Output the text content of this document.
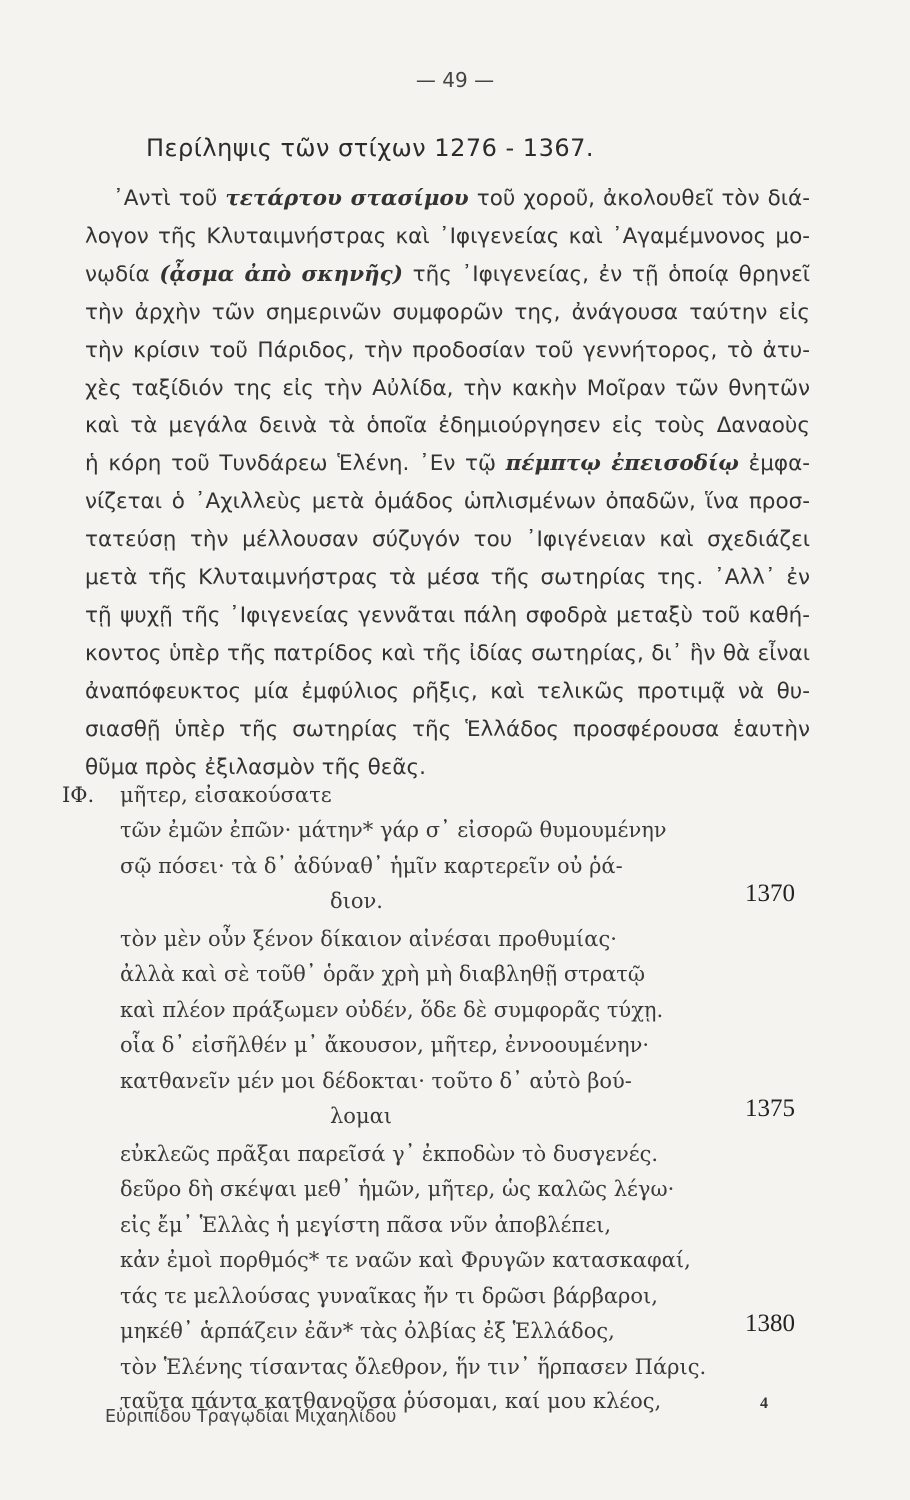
— 49 —
Περίληψις τῶν στίχων 1276 - 1367.
᾿Αντὶ τοῦ τετάρτου στασίμου τοῦ χοροῦ, ἀκολουθεῖ τὸν διά-
λογον τῆς Κλυταιμνήστρας καὶ ᾿Ιφιγενείας καὶ ᾿Αγαμέμνονος μο-
νῳδία (ᾆσμα ἀπὸ σκηνῆς) τῆς ᾿Ιφιγενείας, ἐν τῇ ὁποίᾳ θρηνεῖ
τὴν ἀρχὴν τῶν σημερινῶν συμφορῶν της, ἀνάγουσα ταύτην εἰς
τὴν κρίσιν τοῦ Πάριδος, τὴν προδοσίαν τοῦ γεννήτορος, τὸ ἀτυ-
χὲς ταξίδιόν της εἰς τὴν Αὐλίδα, τὴν κακὴν Μοῖραν τῶν θνητῶν
καὶ τὰ μεγάλα δεινὰ τὰ ὁποῖα ἐδημιούργησεν εἰς τοὺς Δαναοὺς
ἡ κόρη τοῦ Τυνδάρεω Ἑλένη. ᾿Εν τῷ πέμπτῳ ἐπεισοδίῳ ἐμφα-
νίζεται ὁ ᾿Αχιλλεὺς μετὰ ὁμάδος ὡπλισμένων ὀπαδῶν, ἵνα προσ-
τατεύσῃ τὴν μέλλουσαν σύζυγόν του ᾿Ιφιγένειαν καὶ σχεδιάζει
μετὰ τῆς Κλυταιμνήστρας τὰ μέσα τῆς σωτηρίας της. ᾿Αλλ᾿ ἐν
τῇ ψυχῇ τῆς ᾿Ιφιγενείας γεννᾶται πάλη σφοδρὰ μεταξὺ τοῦ καθή-
κοντος ὑπὲρ τῆς πατρίδος καὶ τῆς ἰδίας σωτηρίας, δι᾿ ἣν θὰ εἶναι
ἀναπόφευκτος μία ἐμφύλιος ρῆξις, καὶ τελικῶς προτιμᾷ νὰ θυ-
σιασθῇ ὑπὲρ τῆς σωτηρίας τῆς Ἑλλάδος προσφέρουσα ἑαυτὴν
θῦμα πρὸς ἐξιλασμὸν τῆς θεᾶς.
ΙΦ. μῆτερ, εἰσακούσατε
τῶν ἐμῶν ἐπῶν· μάτην* γάρ σ᾿ εἰσορῶ θυμουμένην
σῷ πόσει· τὰ δ᾿ ἀδύναθ᾿ ἡμῖν καρτερεῖν οὐ ῥά-
διον.	1370
τὸν μὲν οὖν ξένον δίκαιον αἰνέσαι προθυμίας·
ἀλλὰ καὶ σὲ τοῦθ᾿ ὁρᾶν χρὴ μὴ διαβληθῇ στρατῷ
καὶ πλέον πράξωμεν οὐδέν, ὅδε δὲ συμφορᾶς τύχῃ.
οἷα δ᾿ εἰσῆλθέν μ᾿ ἄκουσον, μῆτερ, ἐννοουμένην·
κατθανεῖν μέν μοι δέδοκται· τοῦτο δ᾿ αὐτὸ βού-
λομαι	1375
εὐκλεῶς πρᾶξαι παρεῖσά γ᾿ ἐκποδὼν τὸ δυσγενές.
δεῦρο δὴ σκέψαι μεθ᾿ ἡμῶν, μῆτερ, ὡς καλῶς λέγω·
εἰς ἔμ᾿ Ἑλλὰς ἡ μεγίστη πᾶσα νῦν ἀποβλέπει,
κἀν ἐμοὶ πορθμός* τε ναῶν καὶ Φρυγῶν κατασκαφαί,
τάς τε μελλούσας γυναῖκας ἤν τι δρῶσι βάρβαροι,
μηκέθ᾿ ἁρπάζειν ἐᾶν* τὰς ὀλβίας ἐξ Ἑλλάδος,	1380
τὸν Ἑλένης τίσαντας ὄλεθρον, ἥν τιν᾿ ἥρπασεν Πάρις.
ταῦτα πάντα κατθανοῦσα ῥύσομαι, καί μου κλέος,
Εὐριπίδου Τραγῳδίαι Μιχαηλίδου
4
